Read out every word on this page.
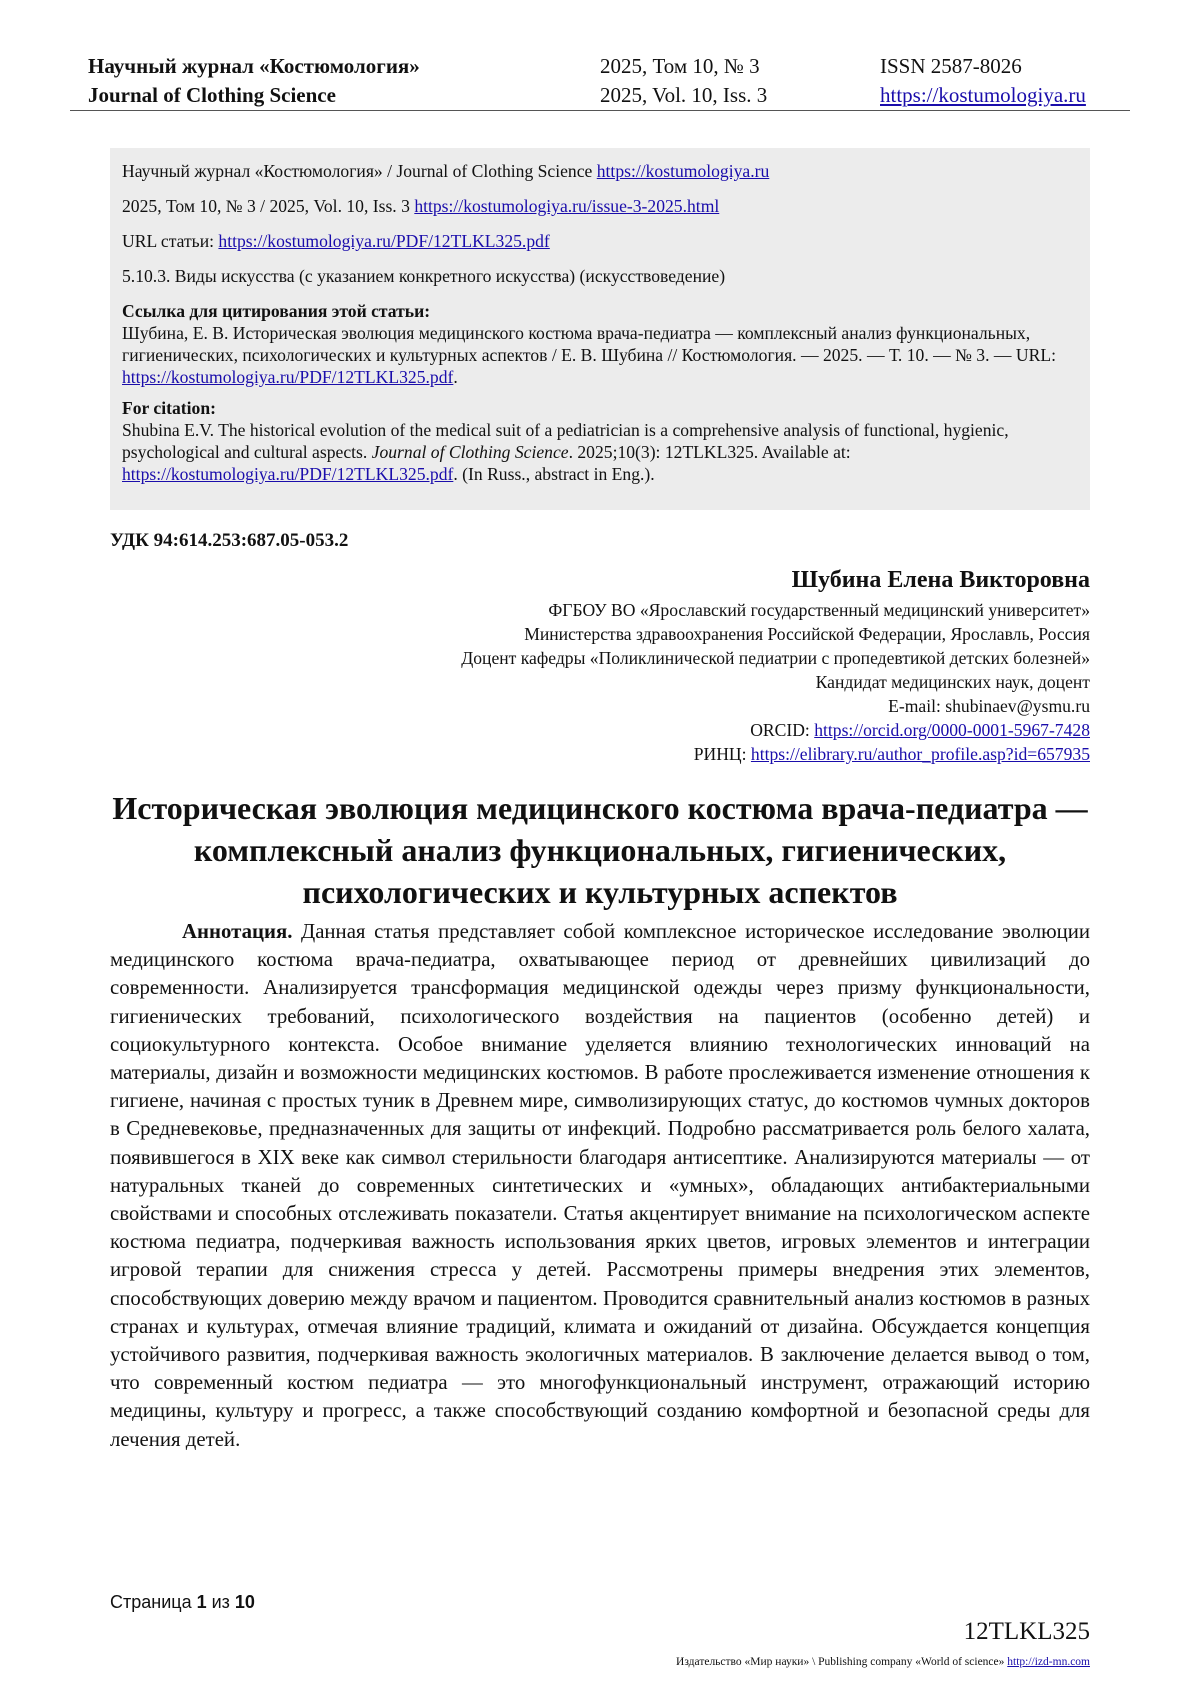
Научный журнал «Костюмология»
Journal of Clothing Science
2025, Том 10, № 3
2025, Vol. 10, Iss. 3
ISSN 2587-8026
https://kostumologiya.ru

Научный журнал «Костюмология» / Journal of Clothing Science https://kostumologiya.ru

2025, Том 10, № 3 / 2025, Vol. 10, Iss. 3 https://kostumologiya.ru/issue-3-2025.html

URL статьи: https://kostumologiya.ru/PDF/12TLKL325.pdf

5.10.3. Виды искусства (с указанием конкретного искусства) (искусствоведение)

Ссылка для цитирования этой статьи:
Шубина, Е. В. Историческая эволюция медицинского костюма врача-педиатра — комплексный анализ функциональных, гигиенических, психологических и культурных аспектов / Е. В. Шубина // Костюмология. — 2025. — Т. 10. — № 3. — URL: https://kostumologiya.ru/PDF/12TLKL325.pdf.
For citation:
Shubina E.V. The historical evolution of the medical suit of a pediatrician is a comprehensive analysis of functional, hygienic, psychological and cultural aspects. Journal of Clothing Science. 2025;10(3): 12TLKL325. Available at: https://kostumologiya.ru/PDF/12TLKL325.pdf. (In Russ., abstract in Eng.).
УДК 94:614.253:687.05-053.2
Шубина Елена Викторовна
ФГБОУ ВО «Ярославский государственный медицинский университет»
Министерства здравоохранения Российской Федерации, Ярославль, Россия
Доцент кафедры «Поликлинической педиатрии с пропедевтикой детских болезней»
Кандидат медицинских наук, доцент
E-mail: shubinaev@ysmu.ru
ORCID: https://orcid.org/0000-0001-5967-7428
РИНЦ: https://elibrary.ru/author_profile.asp?id=657935
Историческая эволюция медицинского костюма врача-педиатра — комплексный анализ функциональных, гигиенических, психологических и культурных аспектов
Аннотация. Данная статья представляет собой комплексное историческое исследование эволюции медицинского костюма врача-педиатра, охватывающее период от древнейших цивилизаций до современности. Анализируется трансформация медицинской одежды через призму функциональности, гигиенических требований, психологического воздействия на пациентов (особенно детей) и социокультурного контекста. Особое внимание уделяется влиянию технологических инноваций на материалы, дизайн и возможности медицинских костюмов. В работе прослеживается изменение отношения к гигиене, начиная с простых туник в Древнем мире, символизирующих статус, до костюмов чумных докторов в Средневековье, предназначенных для защиты от инфекций. Подробно рассматривается роль белого халата, появившегося в XIX веке как символ стерильности благодаря антисептике. Анализируются материалы — от натуральных тканей до современных синтетических и «умных», обладающих антибактериальными свойствами и способных отслеживать показатели. Статья акцентирует внимание на психологическом аспекте костюма педиатра, подчеркивая важность использования ярких цветов, игровых элементов и интеграции игровой терапии для снижения стресса у детей. Рассмотрены примеры внедрения этих элементов, способствующих доверию между врачом и пациентом. Проводится сравнительный анализ костюмов в разных странах и культурах, отмечая влияние традиций, климата и ожиданий от дизайна. Обсуждается концепция устойчивого развития, подчеркивая важность экологичных материалов. В заключение делается вывод о том, что современный костюм педиатра — это многофункциональный инструмент, отражающий историю медицины, культуру и прогресс, а также способствующий созданию комфортной и безопасной среды для лечения детей.
Страница 1 из 10
12TLKL325
Издательство «Мир науки» \ Publishing company «World of science» http://izd-mn.com
